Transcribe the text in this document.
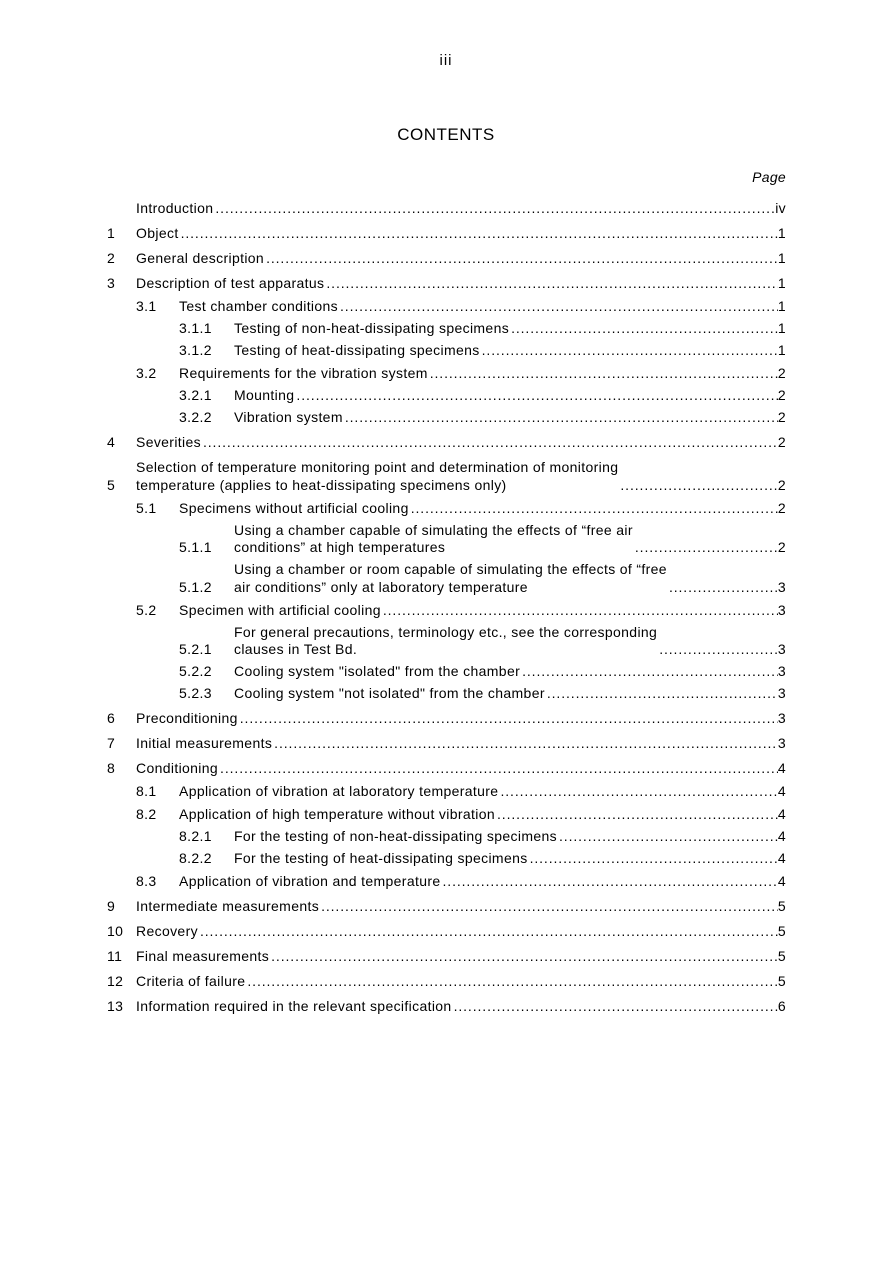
iii
CONTENTS
Page
Introduction .....	iv
1	Object .....	1
2	General description .....	1
3	Description of test apparatus .....	1
3.1	Test chamber conditions .....	1
3.1.1	Testing of non-heat-dissipating specimens .....	1
3.1.2	Testing of heat-dissipating specimens .....	1
3.2	Requirements for the vibration system .....	2
3.2.1	Mounting .....	2
3.2.2	Vibration system .....	2
4	Severities .....	2
5
Selection of temperature monitoring point and determination of monitoring
temperature (applies to heat-dissipating specimens only) .....	2
5.1	Specimens without artificial cooling .....	2
5.1.1
Using a chamber capable of simulating the effects of “free air
conditions” at high temperatures .....	2
5.1.2
Using a chamber or room capable of simulating the effects of “free
air conditions” only at laboratory temperature .....	3
5.2	Specimen with artificial cooling .....	3
5.2.1
For general precautions, terminology etc., see the corresponding
clauses in Test Bd. .....	3
5.2.2	Cooling system "isolated" from the chamber .....	3
5.2.3	Cooling system "not isolated" from the chamber .....	3
6	Preconditioning .....	3
7	Initial measurements .....	3
8	Conditioning .....	4
8.1	Application of vibration at laboratory temperature .....	4
8.2	Application of high temperature without vibration .....	4
8.2.1	For the testing of non-heat-dissipating specimens .....	4
8.2.2	For the testing of heat-dissipating specimens .....	4
8.3	Application of vibration and temperature .....	4
9	Intermediate measurements .....	5
10 Recovery .....	5
11 Final measurements .....	5
12 Criteria of failure .....	5
13 Information required in the relevant specification .....	6
